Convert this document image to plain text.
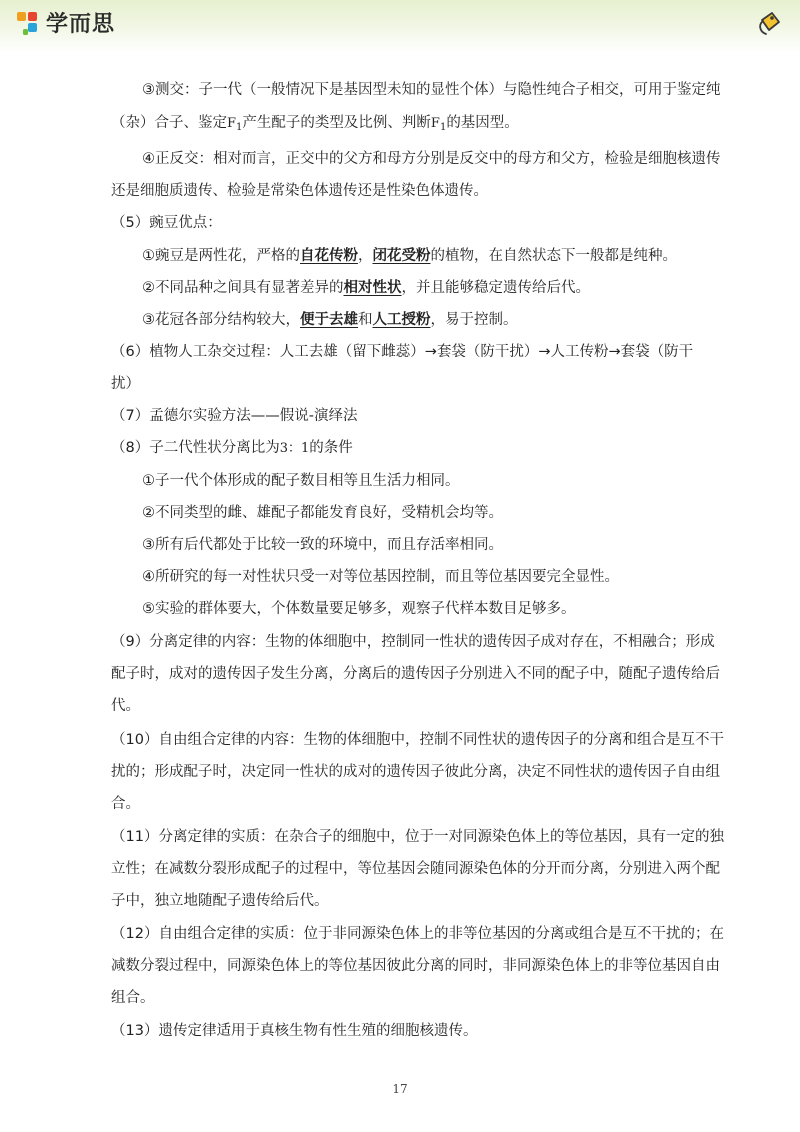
学而思
③测交：子一代（一般情况下是基因型未知的显性个体）与隐性纯合子相交，可用于鉴定纯
（杂）合子、鉴定$F_1$产生配子的类型及比例、判断$F_1$的基因型。
④正反交：相对而言，正交中的父方和母方分别是反交中的母方和父方，检验是细胞核遗传
还是细胞质遗传、检验是常染色体遗传还是性染色体遗传。
（5）豌豆优点：
①豌豆是两性花，严格的自花传粉，闭花受粉的植物，在自然状态下一般都是纯种。
②不同品种之间具有显著差异的相对性状，并且能够稳定遗传给后代。
③花冠各部分结构较大，便于去雄和人工授粉，易于控制。
（6）植物人工杂交过程：人工去雄（留下雌蕊）→套袋（防干扰）→人工传粉→套袋（防干
扰）
（7）孟德尔实验方法——假说-演绎法
（8）子二代性状分离比为3：1的条件
①子一代个体形成的配子数目相等且生活力相同。
②不同类型的雌、雄配子都能发育良好，受精机会均等。
③所有后代都处于比较一致的环境中，而且存活率相同。
④所研究的每一对性状只受一对等位基因控制，而且等位基因要完全显性。
⑤实验的群体要大，个体数量要足够多，观察子代样本数目足够多。
（9）分离定律的内容：生物的体细胞中，控制同一性状的遗传因子成对存在，不相融合；形成
配子时，成对的遗传因子发生分离，分离后的遗传因子分别进入不同的配子中，随配子遗传给后
代。
（10）自由组合定律的内容：生物的体细胞中，控制不同性状的遗传因子的分离和组合是互不干
扰的；形成配子时，决定同一性状的成对的遗传因子彼此分离，决定不同性状的遗传因子自由组
合。
（11）分离定律的实质：在杂合子的细胞中，位于一对同源染色体上的等位基因，具有一定的独
立性；在减数分裂形成配子的过程中，等位基因会随同源染色体的分开而分离，分别进入两个配
子中，独立地随配子遗传给后代。
（12）自由组合定律的实质：位于非同源染色体上的非等位基因的分离或组合是互不干扰的；在
减数分裂过程中，同源染色体上的等位基因彼此分离的同时，非同源染色体上的非等位基因自由
组合。
（13）遗传定律适用于真核生物有性生殖的细胞核遗传。
17
